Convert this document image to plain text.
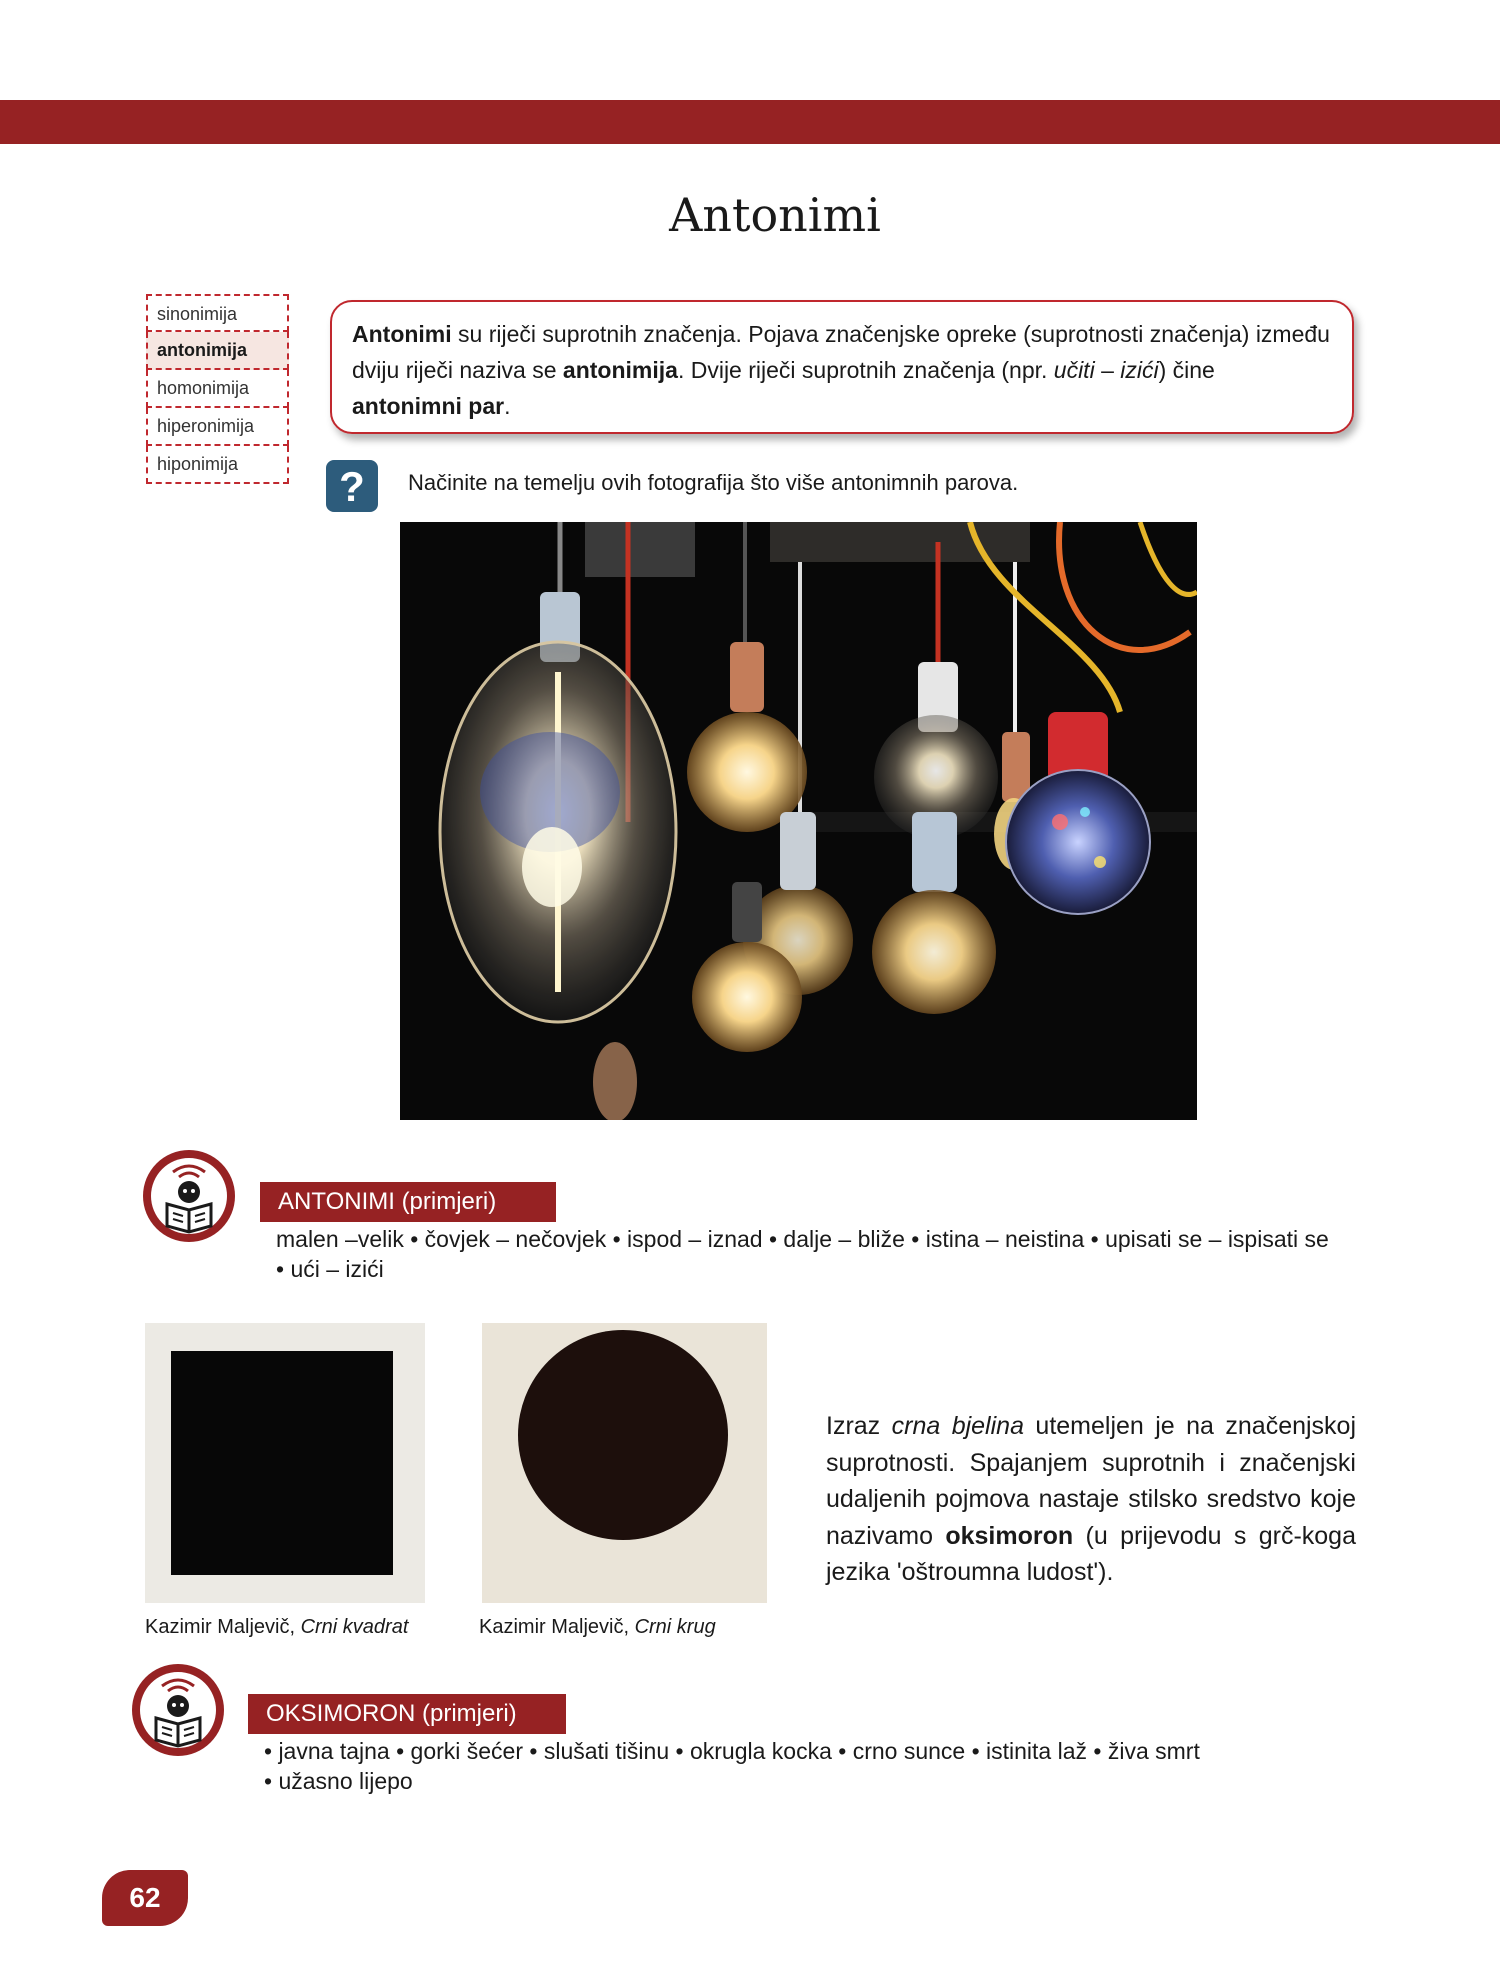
Antonimi
sinonimija
antonimija
homonimija
hiperonimija
hiponimija
Antonimi su riječi suprotnih značenja. Pojava značenjske opreke (suprotnosti značenja) između dviju riječi naziva se antonimija. Dvije riječi suprotnih značenja (npr. učiti – izići) čine antonimni par.
?	Načinite na temelju ovih fotografija što više antonimnih parova.
ANTONIMI (primjeri)
malen –velik • čovjek – nečovjek • ispod – iznad • dalje – bliže • istina – neistina • upisati se – ispisati se
• ući – izići
Kazimir Maljevič, Crni kvadrat	Kazimir Maljevič, Crni krug
Izraz crna bjelina utemeljen je na značenjskoj suprotnosti. Spajanjem suprotnih i značenjski udaljenih pojmova nastaje stilsko sredstvo koje nazivamo oksimoron (u prijevodu s grč-koga jezika 'oštroumna ludost').
OKSIMORON (primjeri)
• javna tajna • gorki šećer • slušati tišinu • okrugla kocka • crno sunce • istinita laž • živa smrt
• užasno lijepo
62
